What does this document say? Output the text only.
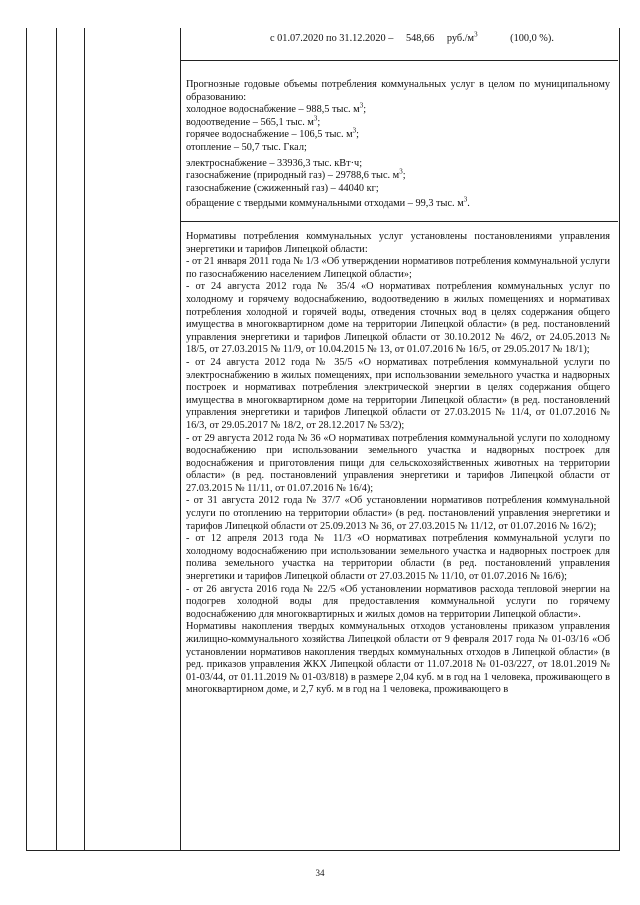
с 01.07.2020 по 31.12.2020 – 548,66 $руб./м^3$	(100,0 %).

Прогнозные годовые объемы потребления коммунальных услуг в целом по муниципальному образованию:

холодное водоснабжение – 988,5 тыс. $м^3$;

водоотведение – 565,1 тыс. $м^3$;

горячее водоснабжение – 106,5 тыс. $м^3$;

отопление – 50,7 тыс. Гкал;

электроснабжение – 33936,3 тыс. кВт·ч;

газоснабжение (природный газ) – 29788,6 тыс. $м^3$;

газоснабжение (сжиженный газ) – 44040 кг;

обращение с твердыми коммунальными отходами – 99,3 тыс. $м^3$.

Нормативы потребления коммунальных услуг установлены постановлениями управления энергетики и тарифов Липецкой области:

- от 21 января 2011 года № 1/3 «Об утверждении нормативов потребления коммунальной услуги по газоснабжению населением Липецкой области»;

- от 24 августа 2012 года № 35/4 «О нормативах потребления коммунальных услуг по холодному и горячему водоснабжению, водоотведению в жилых помещениях и нормативах потребления холодной и горячей воды, отведения сточных вод в целях содержания общего имущества в многоквартирном доме на территории Липецкой области» (в ред. постановлений управления энергетики и тарифов Липецкой области от 30.10.2012 № 46/2, от 24.05.2013 № 18/5, от 27.03.2015 № 11/9, от 10.04.2015 № 13, от 01.07.2016 № 16/5, от 29.05.2017 № 18/1);

- от 24 августа 2012 года № 35/5 «О нормативах потребления коммунальной услуги по электроснабжению в жилых помещениях, при использовании земельного участка и надворных построек и нормативах потребления электрической энергии в целях содержания общего имущества в многоквартирном доме на территории Липецкой области» (в ред. постановлений управления энергетики и тарифов Липецкой области от 27.03.2015 № 11/4, от 01.07.2016 № 16/3, от 29.05.2017 № 18/2, от 28.12.2017 № 53/2);

- от 29 августа 2012 года № 36 «О нормативах потребления коммунальной услуги по холодному водоснабжению при использовании земельного участка и надворных построек для водоснабжения и приготовления пищи для сельскохозяйственных животных на территории области» (в ред. постановлений управления энергетики и тарифов Липецкой области от 27.03.2015 № 11/11, от 01.07.2016 № 16/4);

- от 31 августа 2012 года № 37/7 «Об установлении нормативов потребления коммунальной услуги по отоплению на территории области» (в ред. постановлений управления энергетики и тарифов Липецкой области от 25.09.2013 № 36, от 27.03.2015 № 11/12, от 01.07.2016 № 16/2);

- от 12 апреля 2013 года № 11/3 «О нормативах потребления коммунальной услуги по холодному водоснабжению при использовании земельного участка и надворных построек для полива земельного участка на территории области (в ред. постановлений управления энергетики и тарифов Липецкой области от 27.03.2015 № 11/10, от 01.07.2016 № 16/6);

- от 26 августа 2016 года № 22/5 «Об установлении нормативов расхода тепловой энергии на подогрев холодной воды для предоставления коммунальной услуги по горячему водоснабжению для многоквартирных и жилых домов на территории Липецкой области».

Нормативы накопления твердых коммунальных отходов установлены приказом управления жилищно-коммунального хозяйства Липецкой области от 9 февраля 2017 года № 01-03/16 «Об установлении нормативов накопления твердых коммунальных отходов в Липецкой области» (в ред. приказов управления ЖКХ Липецкой области от 11.07.2018 № 01-03/227, от 18.01.2019 № 01-03/44, от 01.11.2019 № 01-03/818) в размере 2,04 куб. м в год на 1 человека, проживающего в многоквартирном доме, и 2,7 куб. м в год на 1 человека, проживающего в

34
